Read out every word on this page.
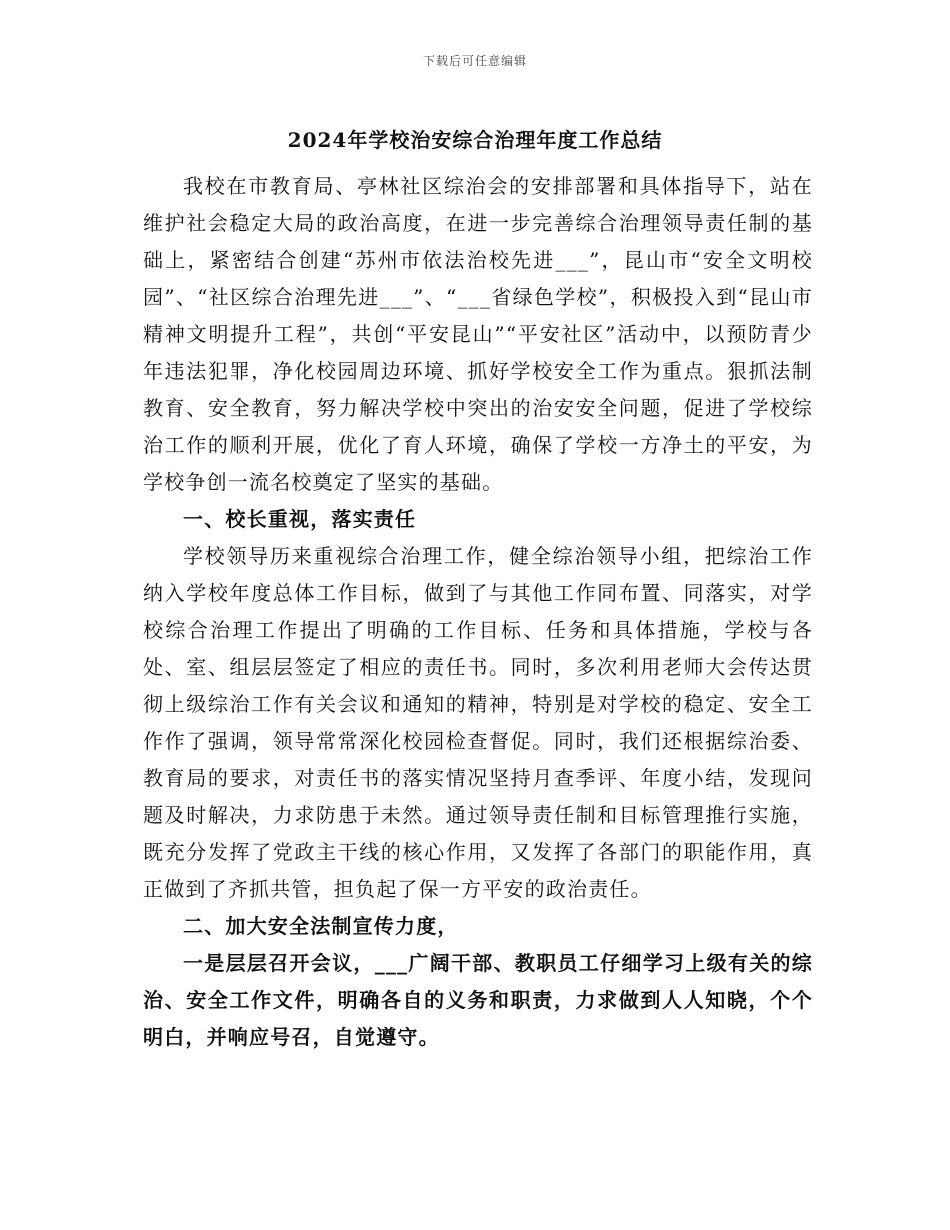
下载后可任意编辑
2024年学校治安综合治理年度工作总结

我校在市教育局、亭林社区综治会的安排部署和具体指导下，站在维护社会稳定大局的政治高度，在进一步完善综合治理领导责任制的基础上，紧密结合创建“苏州市依法治校先进___”，昆山市“安全文明校园”、“社区综合治理先进___”、“___省绿色学校”，积极投入到“昆山市精神文明提升工程”，共创“平安昆山”“平安社区”活动中，以预防青少年违法犯罪，净化校园周边环境、抓好学校安全工作为重点。狠抓法制教育、安全教育，努力解决学校中突出的治安安全问题，促进了学校综治工作的顺利开展，优化了育人环境，确保了学校一方净土的平安，为学校争创一流名校奠定了坚实的基础。

一、校长重视，落实责任

学校领导历来重视综合治理工作，健全综治领导小组，把综治工作纳入学校年度总体工作目标，做到了与其他工作同布置、同落实，对学校综合治理工作提出了明确的工作目标、任务和具体措施，学校与各处、室、组层层签定了相应的责任书。同时，多次利用老师大会传达贯彻上级综治工作有关会议和通知的精神，特别是对学校的稳定、安全工作作了强调，领导常常深化校园检查督促。同时，我们还根据综治委、教育局的要求，对责任书的落实情况坚持月查季评、年度小结，发现问题及时解决，力求防患于未然。通过领导责任制和目标管理推行实施，既充分发挥了党政主干线的核心作用，又发挥了各部门的职能作用，真正做到了齐抓共管，担负起了保一方平安的政治责任。

二、加大安全法制宣传力度，

一是层层召开会议，___广阔干部、教职员工仔细学习上级有关的综治、安全工作文件，明确各自的义务和职责，力求做到人人知晓，个个明白，并响应号召，自觉遵守。
